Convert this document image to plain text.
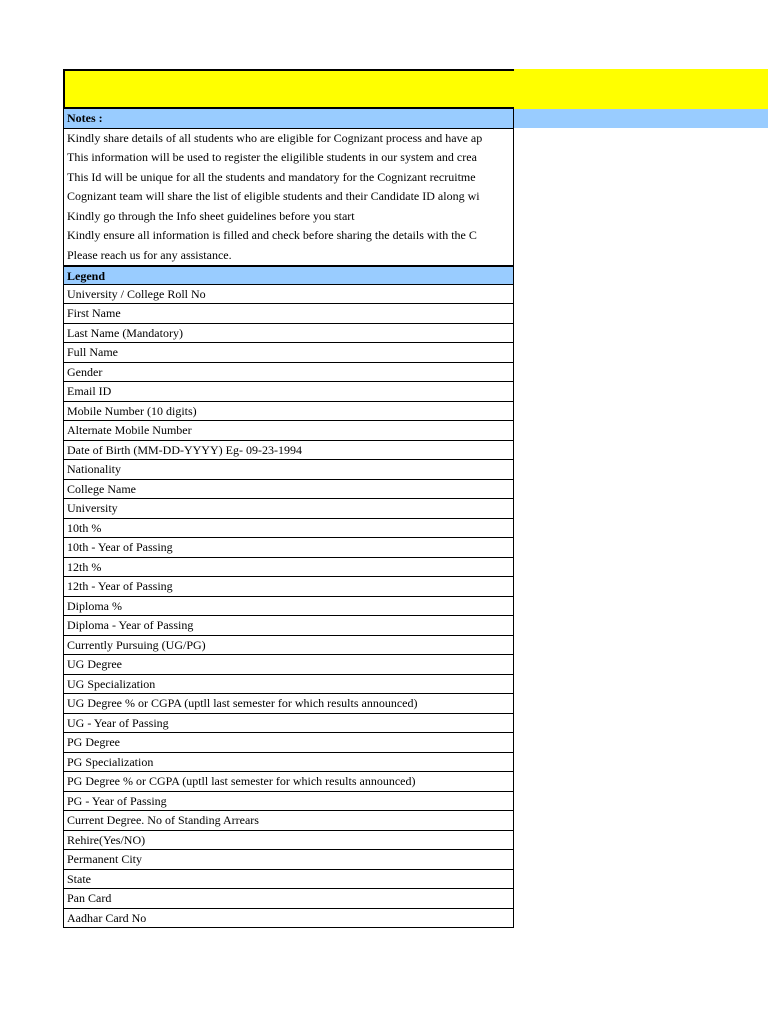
Notes :
Kindly share details of all students who are eligible for Cognizant process and have ap
This information will be used to register the eligilible students in our system and crea
This Id will be unique for all the students and mandatory for the Cognizant recruitme
Cognizant team will share the list of eligible students and their Candidate ID along wi
Kindly go through the Info sheet guidelines before you start
Kindly ensure all information is filled and check before sharing the details with the C
Please reach us for any assistance.
Legend
University / College Roll No
First Name
Last Name (Mandatory)
Full Name
Gender
Email ID
Mobile Number (10 digits)
Alternate Mobile Number
Date of Birth (MM-DD-YYYY) Eg- 09-23-1994
Nationality
College Name
University
10th %
10th - Year of Passing
12th %
12th - Year of Passing
Diploma %
Diploma - Year of Passing
Currently Pursuing (UG/PG)
UG Degree
UG Specialization
UG Degree % or CGPA (uptll last semester for which results announced)
UG - Year of Passing
PG Degree
PG Specialization
PG Degree % or CGPA (uptll last semester for which results announced)
PG - Year of Passing
Current Degree. No of Standing Arrears
Rehire(Yes/NO)
Permanent City
State
Pan Card
Aadhar Card No
